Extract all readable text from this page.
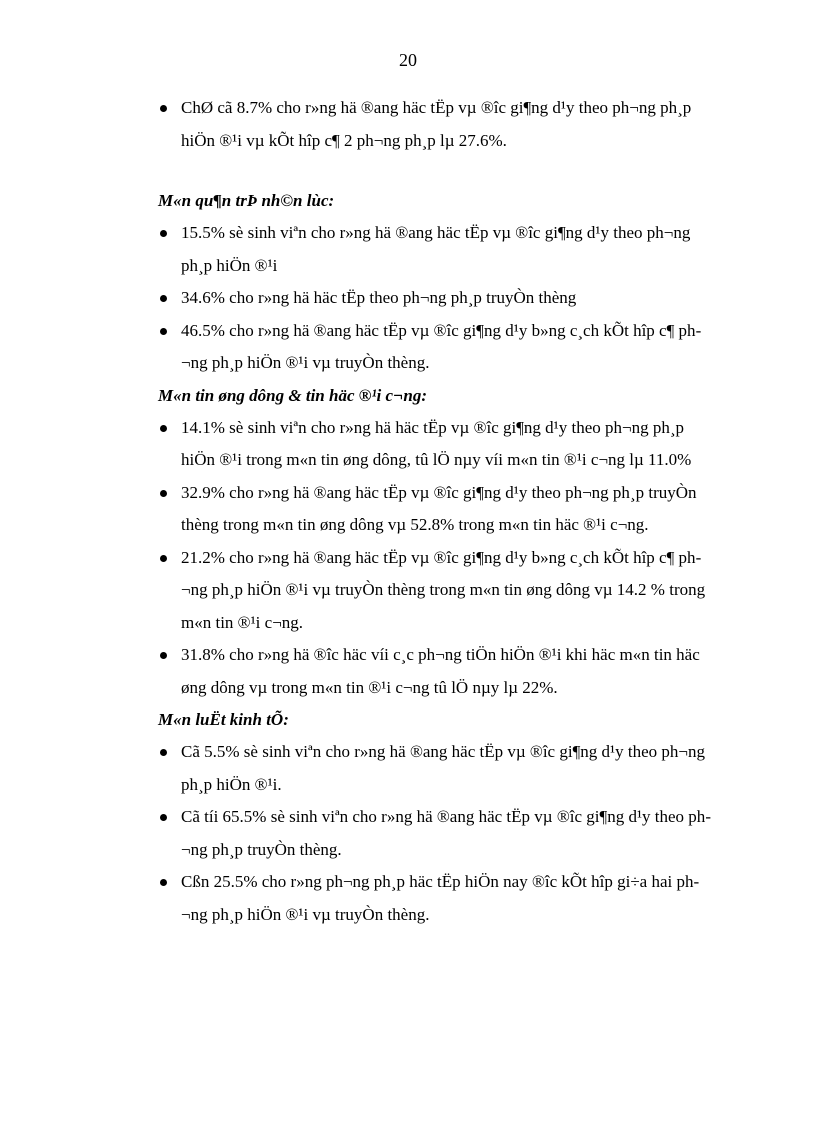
20
ChØ cã 8.7% cho r»ng hä ®ang häc tËp vµ ®îc gi¶ng d¹y theo ph¬ng ph¸p hiÖn ®¹i vµ kÕt hîp c¶ 2 ph¬ng ph¸p lµ 27.6%.
M«n qu¶n trÞ nh©n lùc:
15.5% sè sinh viªn cho r»ng hä ®ang häc tËp vµ ®îc gi¶ng d¹y theo ph¬ng ph¸p hiÖn ®¹i
34.6% cho r»ng hä häc tËp theo ph¬ng ph¸p truyÒn thèng
46.5% cho r»ng hä ®ang häc tËp vµ ®îc gi¶ng d¹y b»ng c¸ch kÕt hîp c¶ ph¬ng ph¸p hiÖn ®¹i vµ truyÒn thèng.
M«n tin øng dông & tin häc ®¹i c¬ng:
14.1% sè sinh viªn cho r»ng hä häc tËp vµ ®îc gi¶ng d¹y theo ph¬ng ph¸p hiÖn ®¹i trong m«n tin øng dông, tû lÖ nµy víi m«n tin ®¹i c¬ng lµ 11.0%
32.9% cho r»ng hä ®ang häc tËp vµ ®îc gi¶ng d¹y theo ph¬ng ph¸p truyÒn thèng trong m«n tin øng dông vµ 52.8% trong m«n tin häc ®¹i c¬ng.
21.2% cho r»ng hä ®ang häc tËp vµ ®îc gi¶ng d¹y b»ng c¸ch kÕt hîp c¶ ph¬ng ph¸p hiÖn ®¹i vµ truyÒn thèng trong m«n tin øng dông vµ 14.2 % trong m«n tin ®¹i c¬ng.
31.8% cho r»ng hä ®îc häc víi c¸c ph¬ng tiÖn hiÖn ®¹i khi häc m«n tin häc øng dông vµ trong m«n tin ®¹i c¬ng tû lÖ nµy lµ 22%.
M«n luËt kinh tÕ:
Cã 5.5% sè sinh viªn cho r»ng hä ®ang häc tËp vµ ®îc gi¶ng d¹y theo ph¬ng ph¸p hiÖn ®¹i.
Cã tíi 65.5% sè sinh viªn cho r»ng hä ®ang häc tËp vµ ®îc gi¶ng d¹y theo ph¬ng ph¸p truyÒn thèng.
Cßn 25.5% cho r»ng ph¬ng ph¸p häc tËp hiÖn nay ®îc kÕt hîp gi÷a hai ph¬ng ph¸p hiÖn ®¹i vµ truyÒn thèng.
